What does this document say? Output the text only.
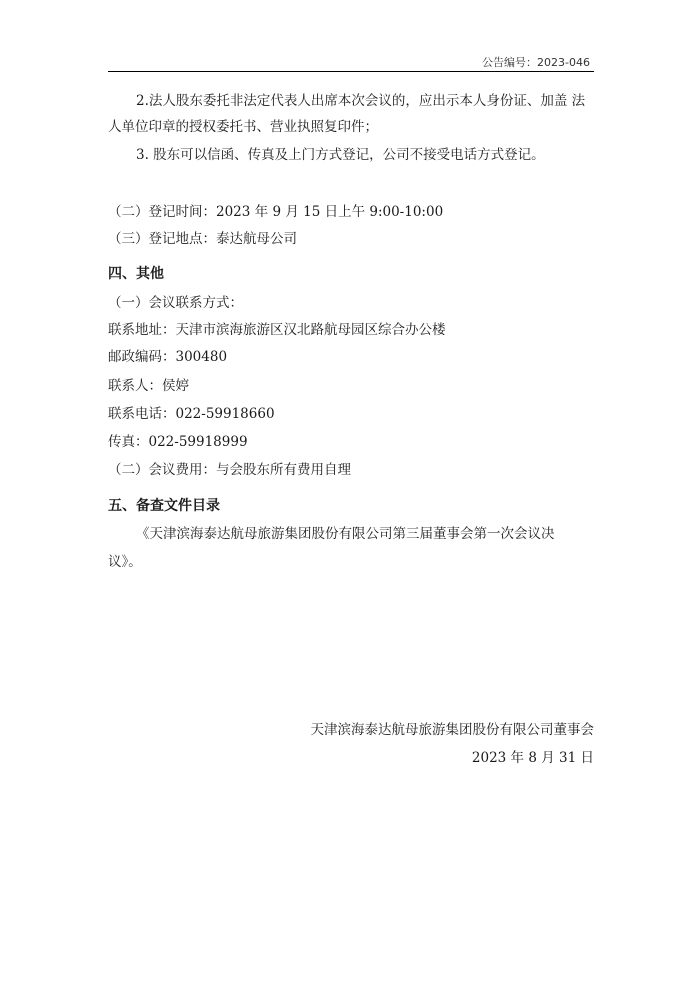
公告编号：2023-046
2.法人股东委托非法定代表人出席本次会议的，应出示本人身份证、加盖 法
人单位印章的授权委托书、营业执照复印件；
3. 股东可以信函、传真及上门方式登记，公司不接受电话方式登记。
（二）登记时间：2023 年 9 月 15 日上午 9:00-10:00
（三）登记地点：泰达航母公司
四、其他
（一）会议联系方式：
联系地址：天津市滨海旅游区汉北路航母园区综合办公楼
邮政编码：300480
联系人：侯婷
联系电话：022-59918660
传真：022-59918999
（二）会议费用：与会股东所有费用自理
五、备查文件目录
《天津滨海泰达航母旅游集团股份有限公司第三届董事会第一次会议决
议》。
天津滨海泰达航母旅游集团股份有限公司董事会
2023 年 8 月 31 日
